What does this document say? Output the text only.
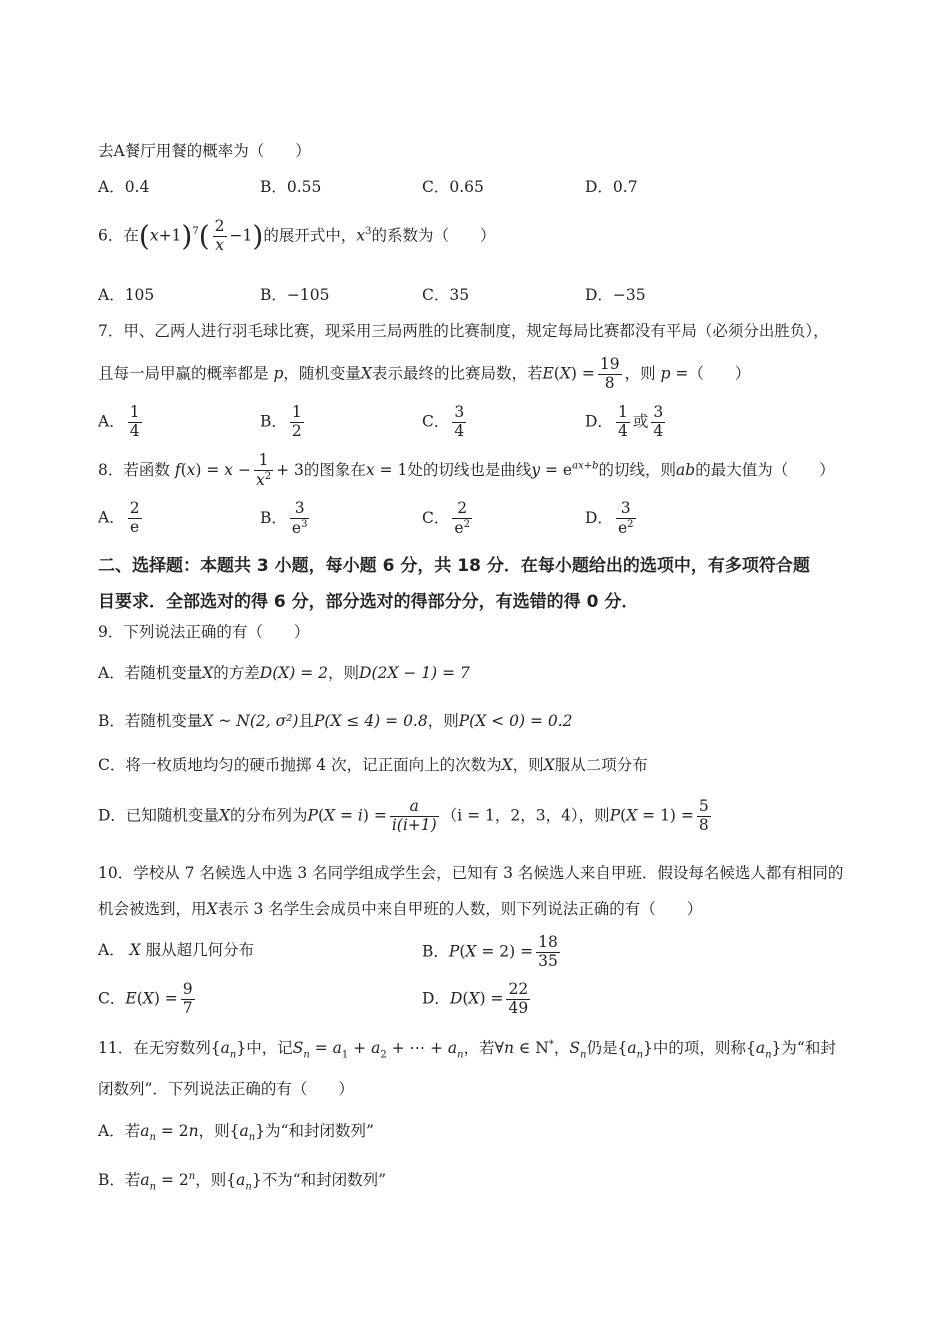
去A餐厅用餐的概率为（　　）
A．0.4	B．0.55	C．0.65	D．0.7
6．在$(x+1)^7( \frac{2}{x} -1)$的展开式中，$x^3$的系数为（　　）
A．105	B．−105	C．35	D．−35
7．甲、乙两人进行羽毛球比赛，现采用三局两胜的比赛制度，规定每局比赛都没有平局（必须分出胜负），
且每一局甲赢的概率都是 p，随机变量X表示最终的比赛局数，若$E(X) = \frac{19}{8}$ ，则 p =（　　）
A． $\frac{1}{4}$	B． $\frac{1}{2}$	C． $\frac{3}{4}$	D． $\frac{1}{4}$ 或 $\frac{3}{4}$
8．若函数 $f(x) = x - \frac{1}{x^2} + 3$的图象在x = 1处的切线也是曲线$y = e^{ax+b}$的切线，则ab的最大值为（　　）
A． $\frac{2}{e}$	B． $\frac{3}{e^3}$	C． $\frac{2}{e^2}$	D． $\frac{3}{e^2}$
二、选择题：本题共 3 小题，每小题 6 分，共 18 分．在每小题给出的选项中，有多项符合题
目要求．全部选对的得 6 分，部分选对的得部分分，有选错的得 0 分．
9．下列说法正确的有（　　）
A．若随机变量X的方差D(X) = 2，则D(2X − 1) = 7
B．若随机变量X ~ N(2, σ²)且P(X ≤ 4) = 0.8，则P(X < 0) = 0.2
C．将一枚质地均匀的硬币抛掷 4 次，记正面向上的次数为X，则X服从二项分布
D．已知随机变量X的分布列为$P(X = i) = \frac{a}{i(i+1)} (i = 1$，2，3，4），则$P(X = 1) = \frac{5}{8}$
10．学校从 7 名候选人中选 3 名同学组成学生会，已知有 3 名候选人来自甲班．假设每名候选人都有相同的
机会被选到，用X表示 3 名学生会成员中来自甲班的人数，则下列说法正确的有（　　）
A． X 服从超几何分布	B．$P(X = 2) = \frac{18}{35}$
C．$E(X) = \frac{9}{7}$	D．$D(X) = \frac{22}{49}$
11．在无穷数列$\{a_n\}$中，记$S_n = a_1 + a_2$ + ⋯ + $a_n$，若∀n ∈ N*，$S_n$仍是$\{a_n\}$中的项，则称$\{a_n\}$为“和封
闭数列”．下列说法正确的有（　　）
A．若$a_n = 2n$，则$\{a_n\}$为“和封闭数列”
B．若$a_n = 2^n$，则$\{a_n\}$不为“和封闭数列”
